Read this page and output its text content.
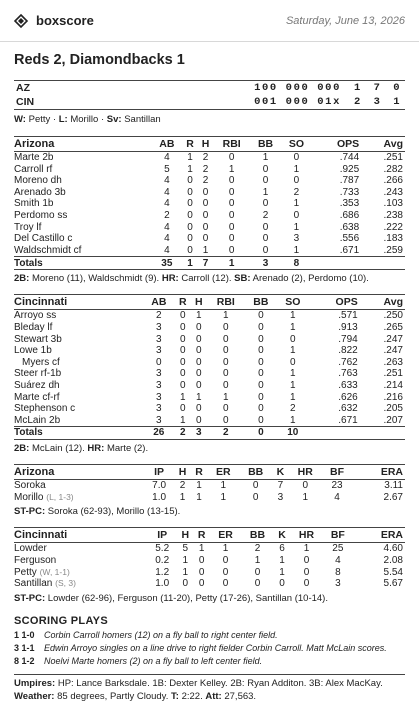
boxscore	Saturday, June 13, 2026
Reds 2, Diamondbacks 1
AZ	100 000 000	1 7 0
CIN	001 000 01x	2 3 1
W: Petty · L: Morillo · Sv: Santillan
Arizona	AB	R	H	RBI	BB	SO	OPS	Avg
Marte 2b	4	1	2	0	1	0	.744	.251
Carroll rf	5	1	2	1	0	1	.925	.282
Moreno dh	4	0	2	0	0	0	.787	.266
Arenado 3b	4	0	0	0	1	2	.733	.243
Smith 1b	4	0	0	0	0	1	.353	.103
Perdomo ss	2	0	0	0	2	0	.686	.238
Troy lf	4	0	0	0	0	1	.638	.222
Del Castillo c	4	0	0	0	0	3	.556	.183
Waldschmidt cf	4	0	1	0	0	1	.671	.259
Totals	35	1	7	1	3	8		
2B: Moreno (11), Waldschmidt (9). HR: Carroll (12). SB: Arenado (2), Perdomo (10).
Cincinnati	AB	R	H	RBI	BB	SO	OPS	Avg
Arroyo ss	2	0	1	1	0	1	.571	.250
Bleday lf	3	0	0	0	0	1	.913	.265
Stewart 3b	3	0	0	0	0	0	.794	.247
Lowe 1b	3	0	0	0	0	1	.822	.247
Myers cf	0	0	0	0	0	0	.762	.263
Steer rf-1b	3	0	0	0	0	1	.763	.251
Suárez dh	3	0	0	0	0	1	.633	.214
Marte cf-rf	3	1	1	1	0	1	.626	.216
Stephenson c	3	0	0	0	0	2	.632	.205
McLain 2b	3	1	0	0	0	1	.671	.207
Totals	26	2	3	2	0	10		
2B: McLain (12). HR: Marte (2).
Arizona	IP	H	R	ER	BB	K	HR	BF	ERA
Soroka	7.0	2	1	1	0	7	0	23	3.11
Morillo (L, 1-3)	1.0	1	1	1	0	3	1	4	2.67
ST-PC: Soroka (62-93), Morillo (13-15).
Cincinnati	IP	H	R	ER	BB	K	HR	BF	ERA
Lowder	5.2	5	1	1	2	6	1	25	4.60
Ferguson	0.2	1	0	0	1	1	0	4	2.08
Petty (W, 1-1)	1.2	1	0	0	0	1	0	8	5.54
Santillan (S, 3)	1.0	0	0	0	0	0	0	3	5.67
ST-PC: Lowder (62-96), Ferguson (11-20), Petty (17-26), Santillan (10-14).
SCORING PLAYS
1 1-0	Corbin Carroll homers (12) on a fly ball to right center field.
3 1-1	Edwin Arroyo singles on a line drive to right fielder Corbin Carroll. Matt McLain scores.
8 1-2	Noelvi Marte homers (2) on a fly ball to left center field.
Umpires: HP: Lance Barksdale. 1B: Dexter Kelley. 2B: Ryan Additon. 3B: Alex MacKay.
Weather: 85 degrees, Partly Cloudy. T: 2:22. Att: 27,563.
